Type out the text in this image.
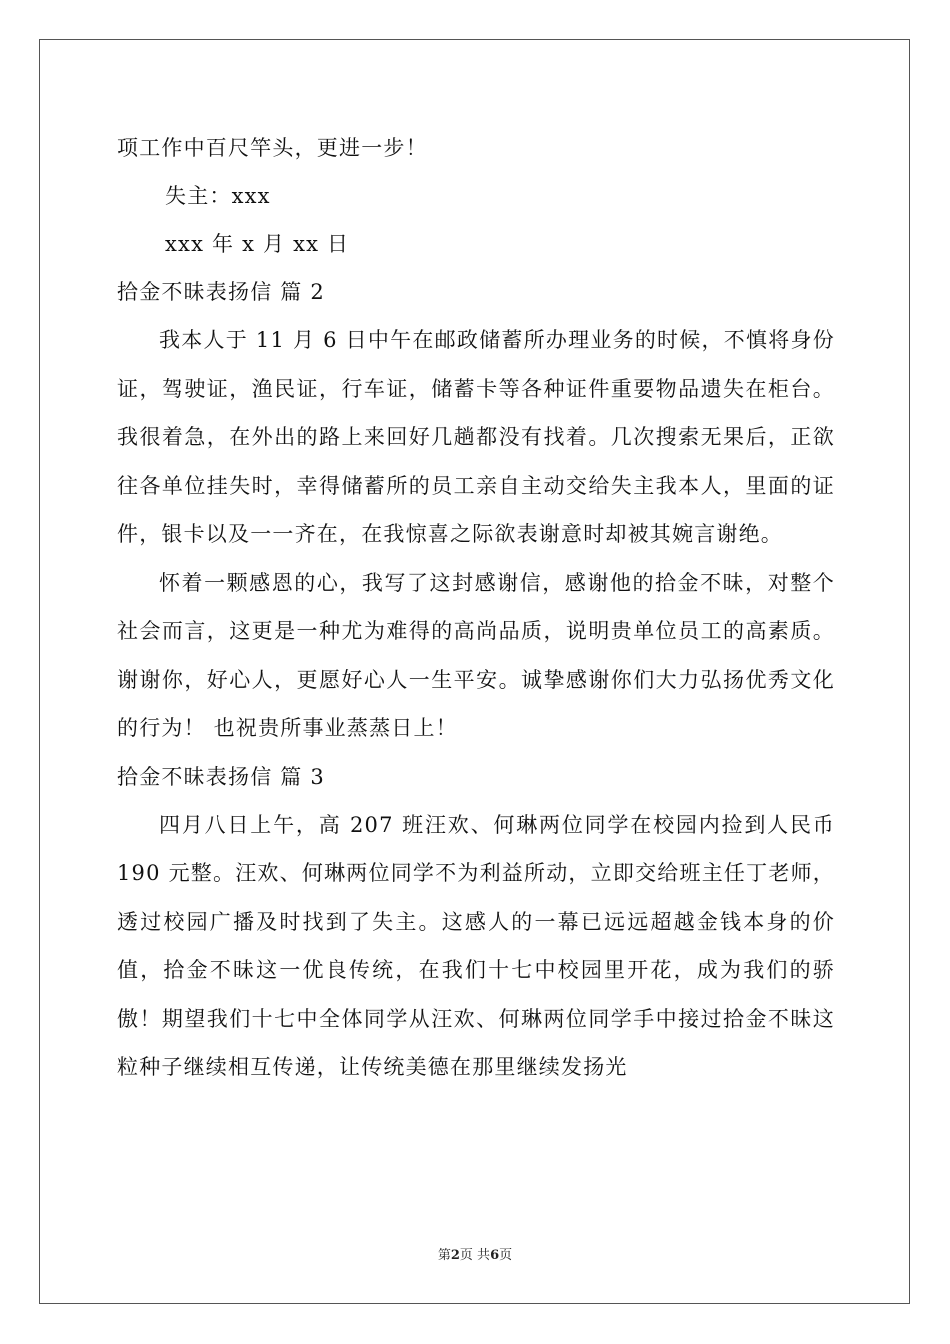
项工作中百尺竿头，更进一步！
失主：xxx
xxx 年 x 月 xx 日
拾金不昧表扬信 篇 2

我本人于 11 月 6 日中午在邮政储蓄所办理业务的时候，不慎将身份证，驾驶证，渔民证，行车证，储蓄卡等各种证件重要物品遗失在柜台。我很着急，在外出的路上来回好几趟都没有找着。几次搜索无果后，正欲往各单位挂失时，幸得储蓄所的员工亲自主动交给失主我本人，里面的证件，银卡以及一一齐在，在我惊喜之际欲表谢意时却被其婉言谢绝。

怀着一颗感恩的心，我写了这封感谢信，感谢他的拾金不昧，对整个社会而言，这更是一种尤为难得的高尚品质，说明贵单位员工的高素质。谢谢你，好心人，更愿好心人一生平安。诚挚感谢你们大力弘扬优秀文化的行为！ 也祝贵所事业蒸蒸日上！

拾金不昧表扬信 篇 3

四月八日上午，高 207 班汪欢、何琳两位同学在校园内捡到人民币 190 元整。汪欢、何琳两位同学不为利益所动，立即交给班主任丁老师，透过校园广播及时找到了失主。这感人的一幕已远远超越金钱本身的价值，拾金不昧这一优良传统，在我们十七中校园里开花，成为我们的骄傲！期望我们十七中全体同学从汪欢、何琳两位同学手中接过拾金不昧这粒种子继续相互传递，让传统美德在那里继续发扬光

第2页 共6页
